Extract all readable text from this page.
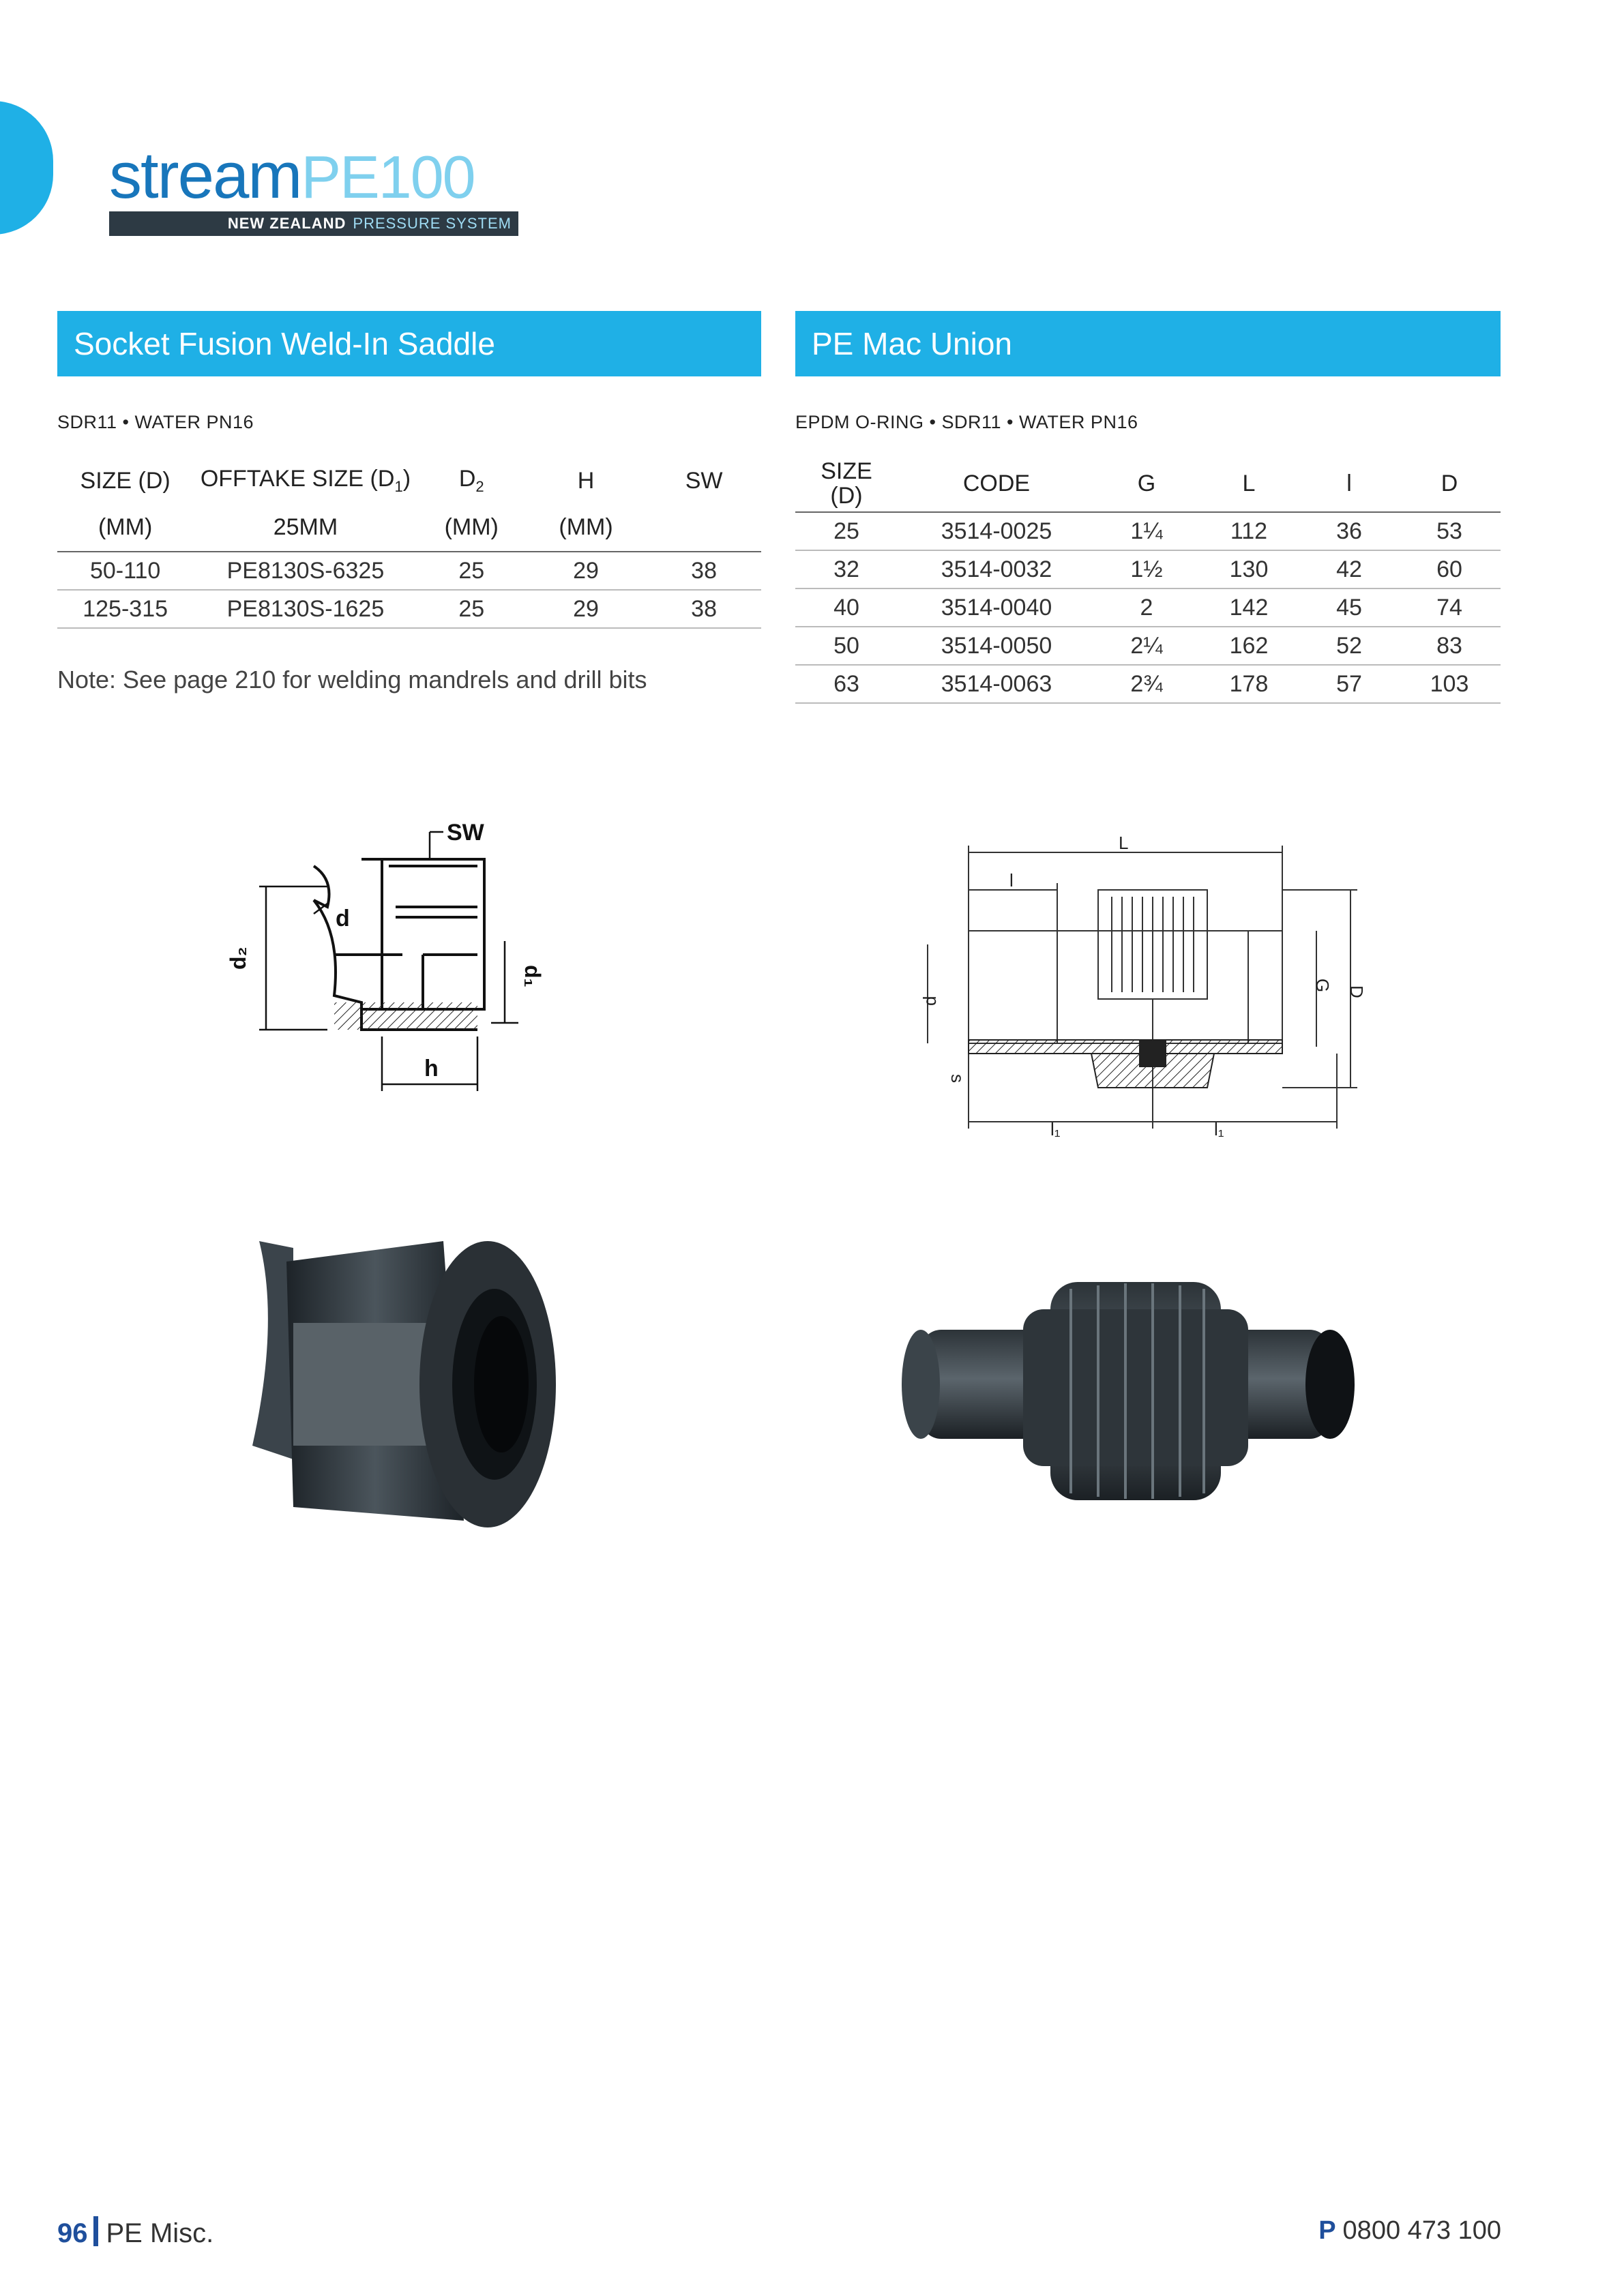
streamPE100
NEW ZEALAND PRESSURE SYSTEM
Socket Fusion Weld-In Saddle
SDR11 • WATER PN16
SIZE (D)	OFFTAKE SIZE $(D_1)$	$D_2$	H	SW
(MM)	25MM	(MM)	(MM)	
50-110	PE8130S-6325	25	29	38
125-315	PE8130S-1625	25	29	38
Note: See page 210 for welding mandrels and drill bits
SW
d
d₂
d₁
h
PE Mac Union
EPDM O-RING • SDR11 • WATER PN16
SIZE
(D)	CODE	G	L	l	D
25	3514-0025	1¼	112	36	53
32	3514-0032	1½	130	42	60
40	3514-0040	2	142	45	74
50	3514-0050	2¼	162	52	83
63	3514-0063	2¾	178	57	103
L
l
d
G D
s
l₁	l₁
96 PE Misc.	P 0800 473 100
